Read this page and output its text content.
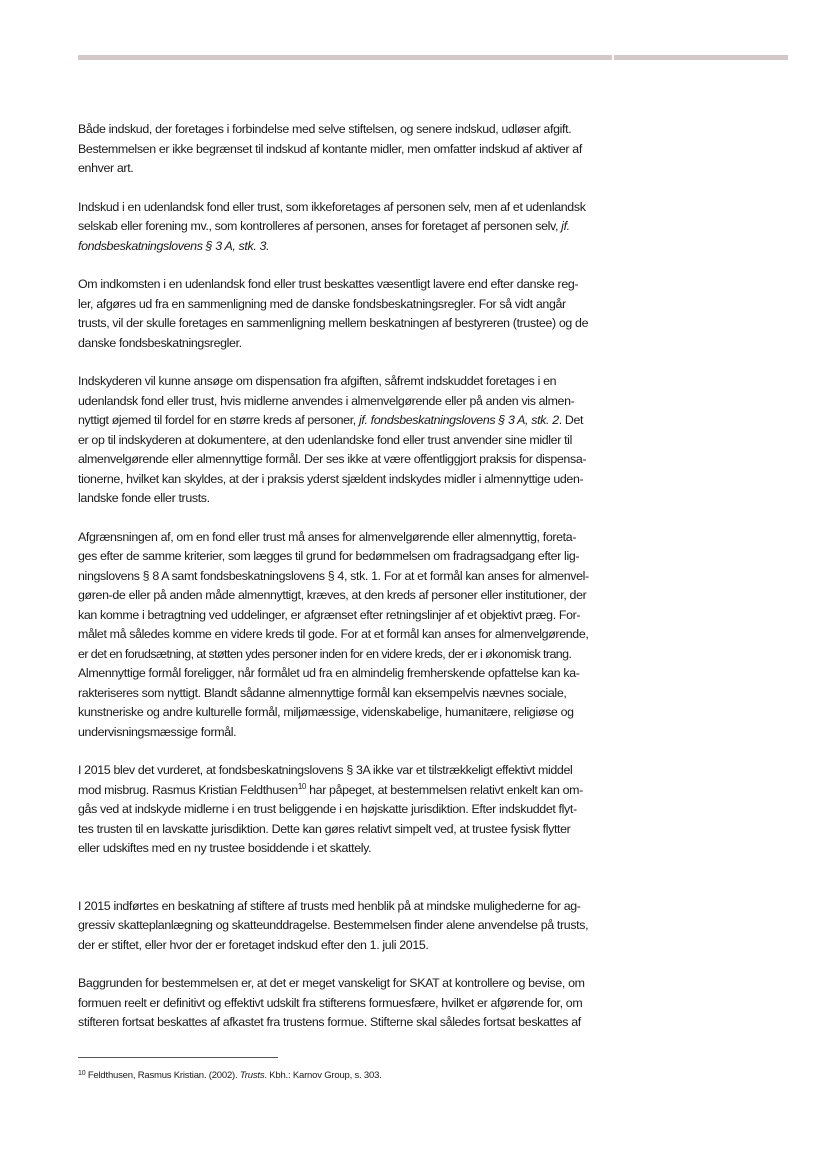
Både indskud, der foretages i forbindelse med selve stiftelsen, og senere indskud, udløser afgift.
Bestemmelsen er ikke begrænset til indskud af kontante midler, men omfatter indskud af aktiver af
enhver art.

Indskud i en udenlandsk fond eller trust, som ikkeforetages af personen selv, men af et udenlandsk
selskab eller forening mv., som kontrolleres af personen, anses for foretaget af personen selv, jf.
fondsbeskatningslovens § 3 A, stk. 3.

Om indkomsten i en udenlandsk fond eller trust beskattes væsentligt lavere end efter danske reg-
ler, afgøres ud fra en sammenligning med de danske fondsbeskatningsregler. For så vidt angår
trusts, vil der skulle foretages en sammenligning mellem beskatningen af bestyreren (trustee) og de
danske fondsbeskatningsregler.

Indskyderen vil kunne ansøge om dispensation fra afgiften, såfremt indskuddet foretages i en
udenlandsk fond eller trust, hvis midlerne anvendes i almenvelgørende eller på anden vis almen-
nyttigt øjemed til fordel for en større kreds af personer, jf. fondsbeskatningslovens § 3 A, stk. 2. Det
er op til indskyderen at dokumentere, at den udenlandske fond eller trust anvender sine midler til
almenvelgørende eller almennyttige formål. Der ses ikke at være offentliggjort praksis for dispensa-
tionerne, hvilket kan skyldes, at der i praksis yderst sjældent indskydes midler i almennyttige uden-
landske fonde eller trusts.

Afgrænsningen af, om en fond eller trust må anses for almenvelgørende eller almennyttig, foreta-
ges efter de samme kriterier, som lægges til grund for bedømmelsen om fradragsadgang efter lig-
ningslovens § 8 A samt fondsbeskatningslovens § 4, stk. 1. For at et formål kan anses for almenvel-
gøren-de eller på anden måde almennyttigt, kræves, at den kreds af personer eller institutioner, der
kan komme i betragtning ved uddelinger, er afgrænset efter retningslinjer af et objektivt præg. For-
målet må således komme en videre kreds til gode. For at et formål kan anses for almenvelgørende,
er det en forudsætning, at støtten ydes personer inden for en videre kreds, der er i økonomisk trang.
Almennyttige formål foreligger, når formålet ud fra en almindelig fremherskende opfattelse kan ka-
rakteriseres som nyttigt. Blandt sådanne almennyttige formål kan eksempelvis nævnes sociale,
kunstneriske og andre kulturelle formål, miljømæssige, videnskabelige, humanitære, religiøse og
undervisningsmæssige formål.

I 2015 blev det vurderet, at fondsbeskatningslovens § 3A ikke var et tilstrækkeligt effektivt middel
mod misbrug. Rasmus Kristian Feldthusen$^{10}$ har påpeget, at bestemmelsen relativt enkelt kan om-
gås ved at indskyde midlerne i en trust beliggende i en højskatte jurisdiktion. Efter indskuddet flyt-
tes trusten til en lavskatte jurisdiktion. Dette kan gøres relativt simpelt ved, at trustee fysisk flytter
eller udskiftes med en ny trustee bosiddende i et skattely.

I 2015 indførtes en beskatning af stiftere af trusts med henblik på at mindske mulighederne for ag-
gressiv skatteplanlægning og skatteunddragelse. Bestemmelsen finder alene anvendelse på trusts,
der er stiftet, eller hvor der er foretaget indskud efter den 1. juli 2015.

Baggrunden for bestemmelsen er, at det er meget vanskeligt for SKAT at kontrollere og bevise, om
formuen reelt er definitivt og effektivt udskilt fra stifterens formuesfære, hvilket er afgørende for, om
stifteren fortsat beskattes af afkastet fra trustens formue. Stifterne skal således fortsat beskattes af

$^{10}$ Feldthusen, Rasmus Kristian. (2002). Trusts. Kbh.: Karnov Group, s. 303.
